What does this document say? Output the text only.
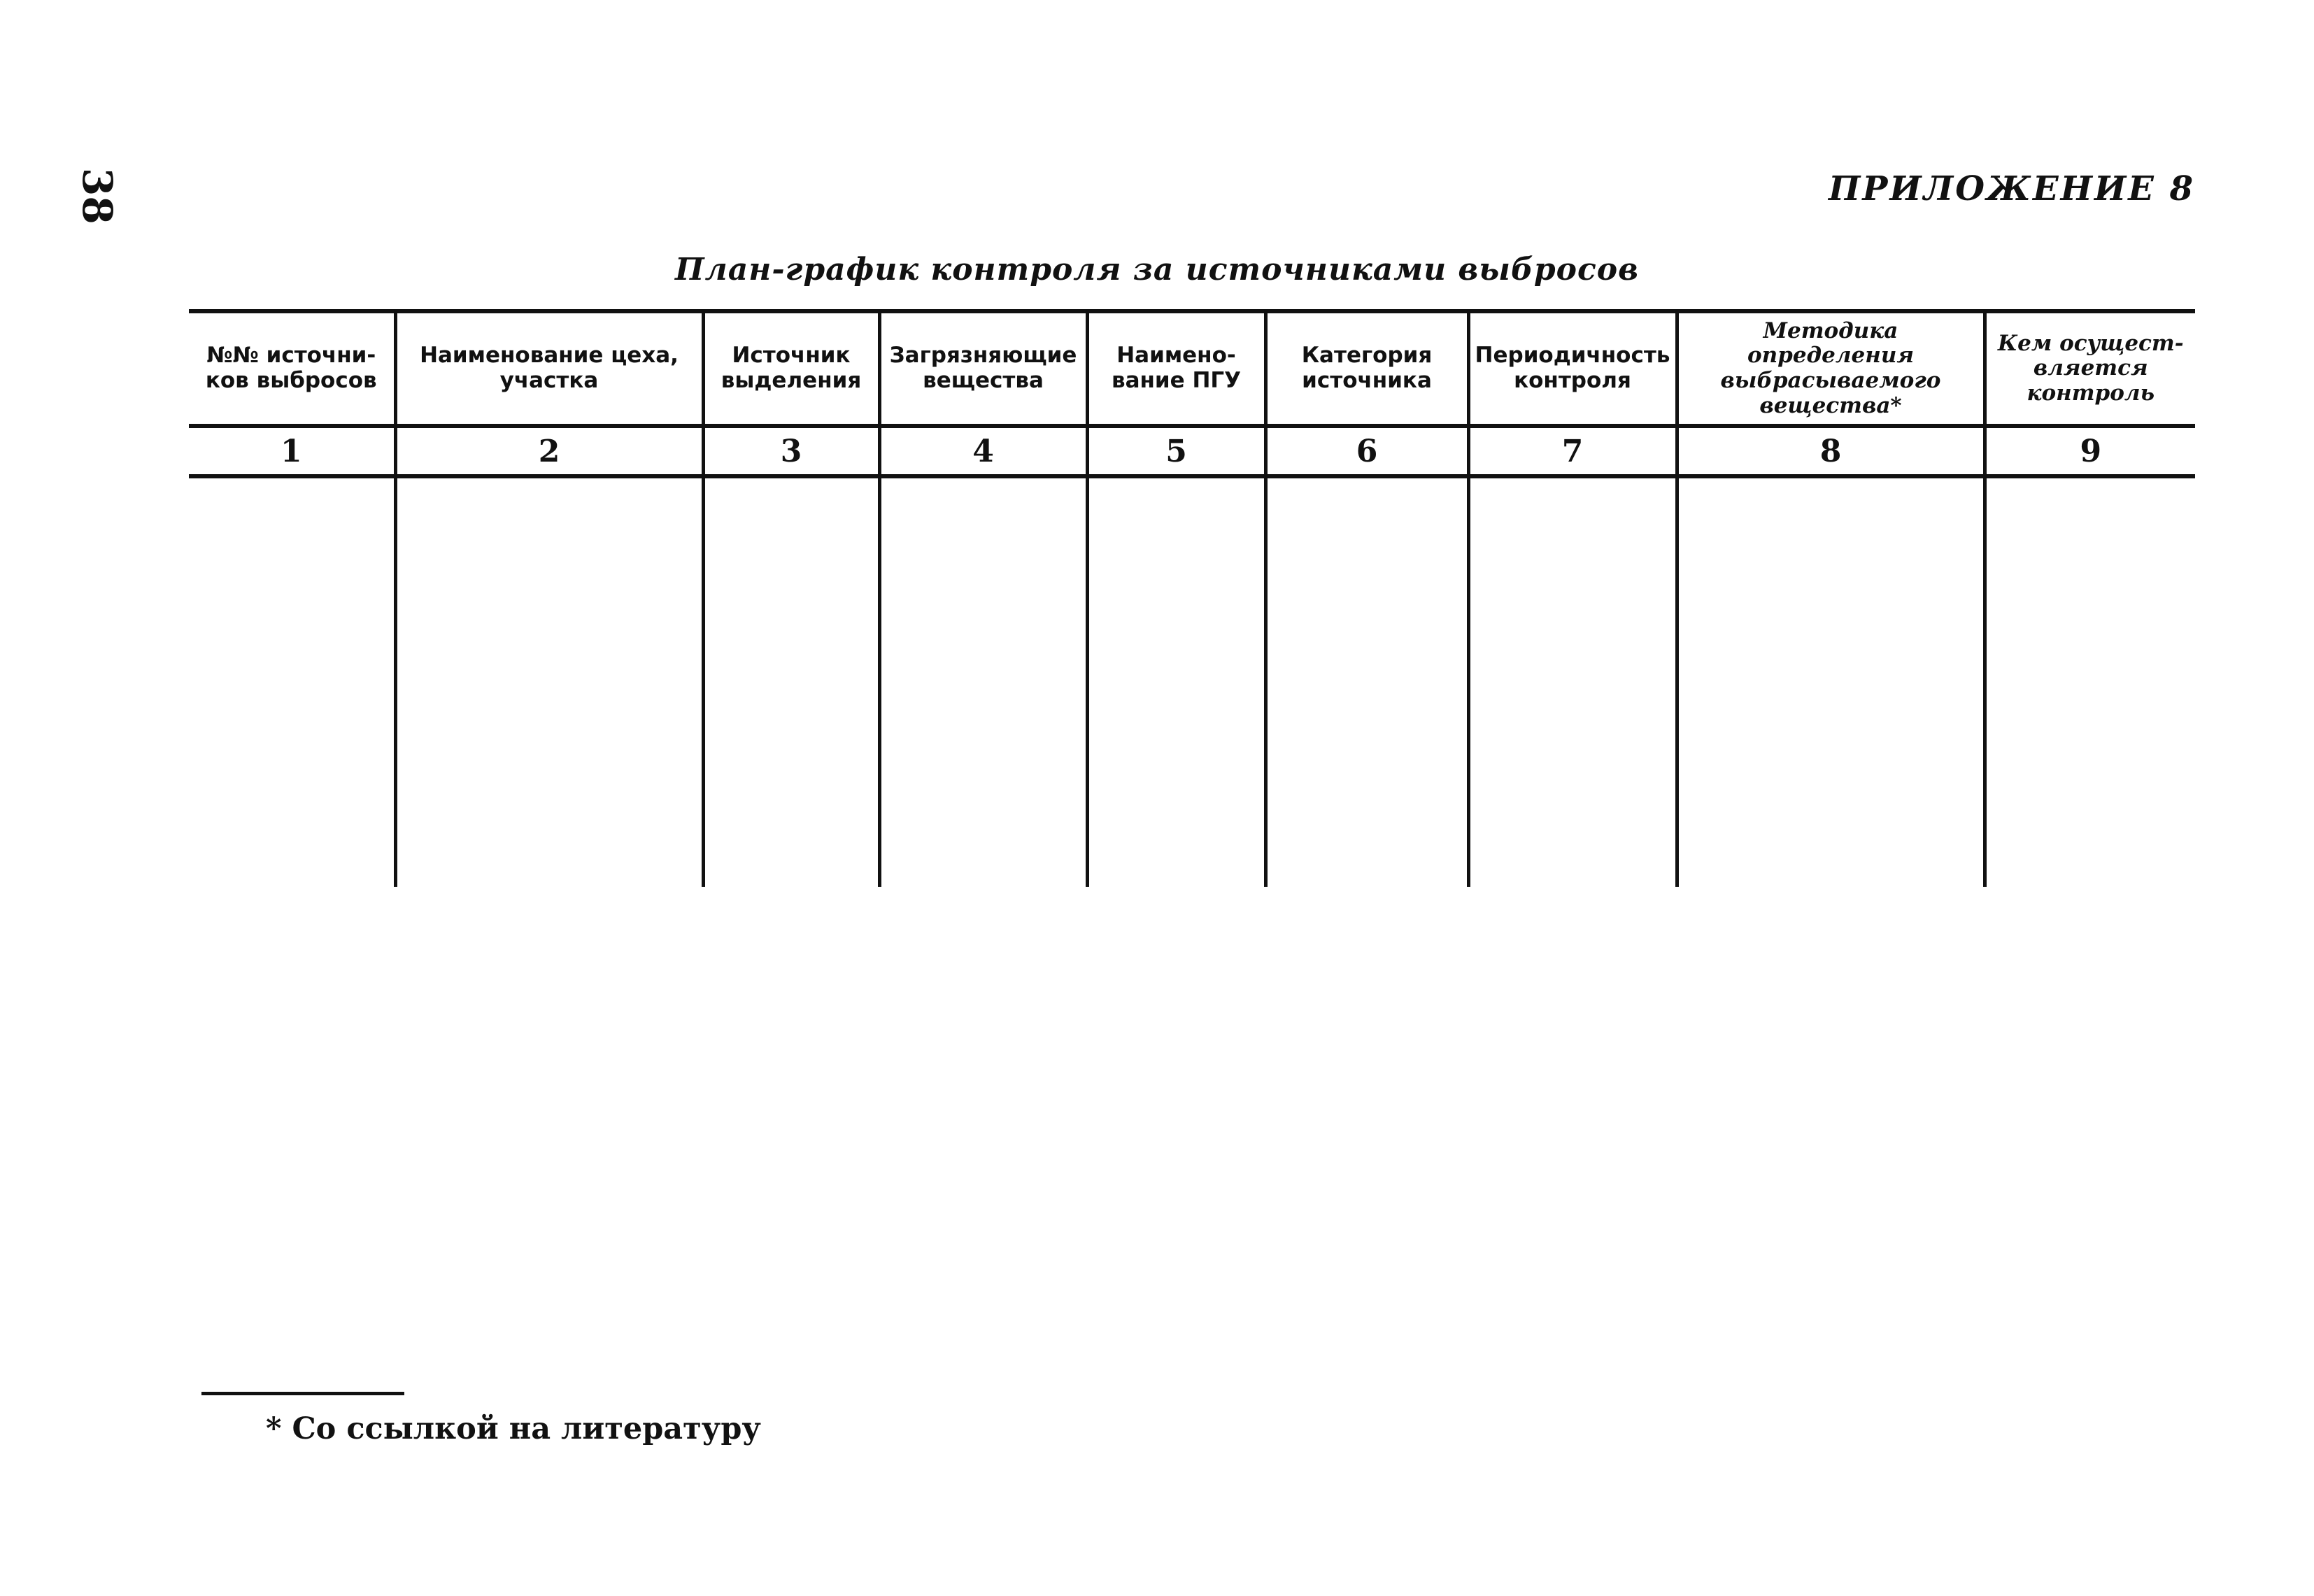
38	ПРИЛОЖЕНИЕ 8
План-график контроля за источниками выбросов
№№ источни-ков выбросов	Наименование цеха, участка	Источник выделения	Загрязняющие вещества	Наимено-вание ПГУ	Категория источника	Периодичность контроля	Методика определения выбрасываемого вещества*	Кем осущест-вляется контроль
1	2	3	4	5	6	7	8	9

* Со ссылкой на литературу
